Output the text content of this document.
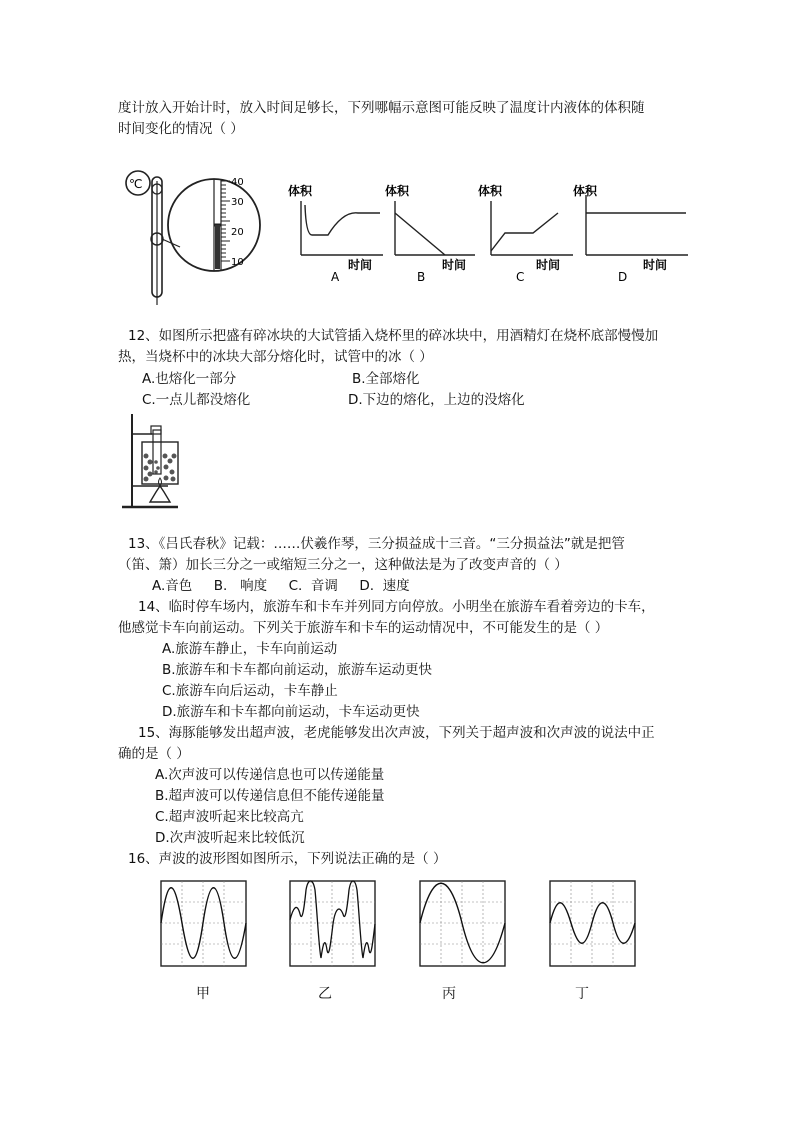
度计放入开始计时，放入时间足够长，下列哪幅示意图可能反映了温度计内液体的体积随
时间变化的情况（ ）
℃	40
30
20
10
体积
时间
A
体积
时间
B
体积
时间
C
体积
时间
D
12、如图所示把盛有碎冰块的大试管插入烧杯里的碎冰块中，用酒精灯在烧杯底部慢慢加
热，当烧杯中的冰块大部分熔化时，试管中的冰（ ）
A.也熔化一部分	B.全部熔化
C.一点儿都没熔化	D.下边的熔化，上边的没熔化
13、《吕氏春秋》记载：……伏羲作琴，三分损益成十三音。“三分损益法”就是把管
（笛、箫）加长三分之一或缩短三分之一，这种做法是为了改变声音的（ ）
A.音色     B.   响度     C.  音调     D.  速度
14、临时停车场内，旅游车和卡车并列同方向停放。小明坐在旅游车看着旁边的卡车，
他感觉卡车向前运动。下列关于旅游车和卡车的运动情况中，不可能发生的是（ ）
A.旅游车静止，卡车向前运动
B.旅游车和卡车都向前运动，旅游车运动更快
C.旅游车向后运动，卡车静止
D.旅游车和卡车都向前运动，卡车运动更快
15、海豚能够发出超声波，老虎能够发出次声波，下列关于超声波和次声波的说法中正
确的是（ ）
A.次声波可以传递信息也可以传递能量
B.超声波可以传递信息但不能传递能量
C.超声波听起来比较高亢
D.次声波听起来比较低沉
16、声波的波形图如图所示，下列说法正确的是（ ）
甲	乙	丙	丁
